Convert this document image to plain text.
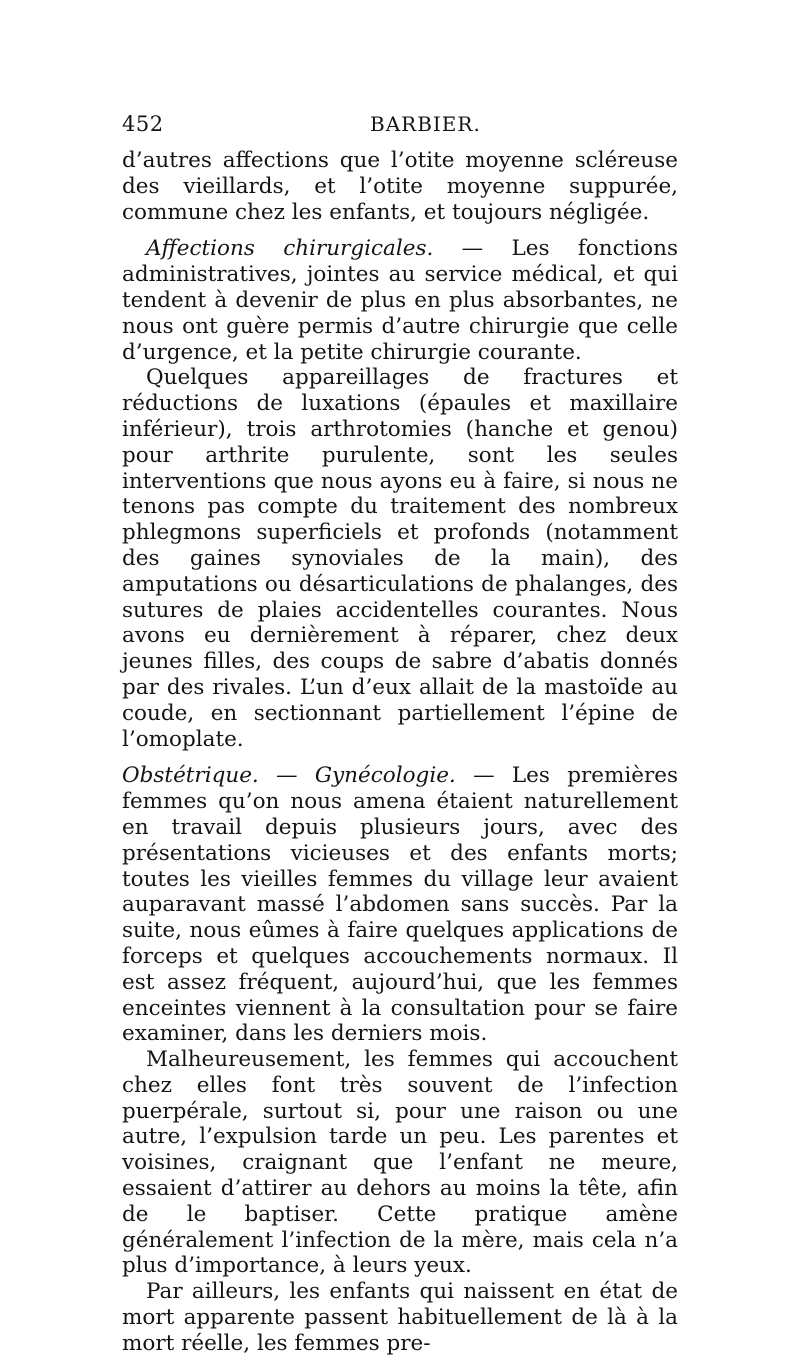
452	BARBIER.

d’autres affections que l’otite moyenne scléreuse des vieillards, et l’otite moyenne suppurée, commune chez les enfants, et toujours négligée.

Affections chirurgicales. — Les fonctions administratives, jointes au service médical, et qui tendent à devenir de plus en plus absorbantes, ne nous ont guère permis d’autre chirurgie que celle d’urgence, et la petite chirurgie courante.

Quelques appareillages de fractures et réductions de luxations (épaules et maxillaire inférieur), trois arthrotomies (hanche et genou) pour arthrite purulente, sont les seules interventions que nous ayons eu à faire, si nous ne tenons pas compte du traitement des nombreux phlegmons superficiels et profonds (notamment des gaines synoviales de la main), des amputations ou désarticulations de phalanges, des sutures de plaies accidentelles courantes. Nous avons eu dernièrement à réparer, chez deux jeunes filles, des coups de sabre d’abatis donnés par des rivales. L’un d’eux allait de la mastoïde au coude, en sectionnant partiellement l’épine de l’omoplate.

Obstétrique. — Gynécologie. — Les premières femmes qu’on nous amena étaient naturellement en travail depuis plusieurs jours, avec des présentations vicieuses et des enfants morts; toutes les vieilles femmes du village leur avaient auparavant massé l’abdomen sans succès. Par la suite, nous eûmes à faire quelques applications de forceps et quelques accouchements normaux. Il est assez fréquent, aujourd’hui, que les femmes enceintes viennent à la consultation pour se faire examiner, dans les derniers mois.

Malheureusement, les femmes qui accouchent chez elles font très souvent de l’infection puerpérale, surtout si, pour une raison ou une autre, l’expulsion tarde un peu. Les parentes et voisines, craignant que l’enfant ne meure, essaient d’attirer au dehors au moins la tête, afin de le baptiser. Cette pratique amène généralement l’infection de la mère, mais cela n’a plus d’importance, à leurs yeux.

Par ailleurs, les enfants qui naissent en état de mort apparente passent habituellement de là à la mort réelle, les femmes pre-
